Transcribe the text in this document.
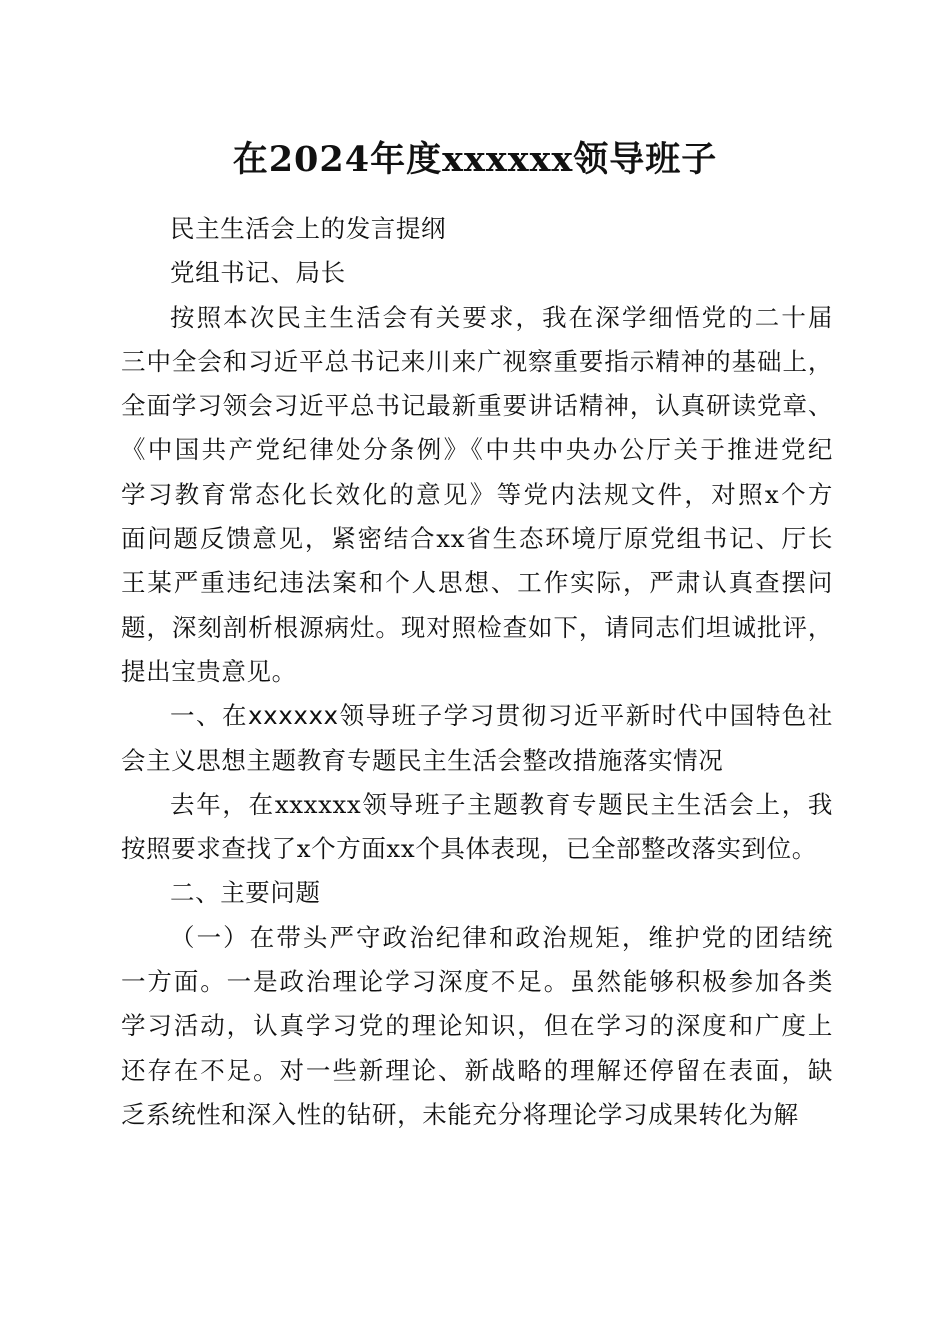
在2024年度xxxxxx领导班子
民主生活会上的发言提纲
党组书记、局长
按照本次民主生活会有关要求，我在深学细悟党的二十届
三中全会和习近平总书记来川来广视察重要指示精神的基础上，
全面学习领会习近平总书记最新重要讲话精神，认真研读党章、
《中国共产党纪律处分条例》《中共中央办公厅关于推进党纪
学习教育常态化长效化的意见》等党内法规文件，对照x个方
面问题反馈意见，紧密结合xx省生态环境厅原党组书记、厅长
王某严重违纪违法案和个人思想、工作实际，严肃认真查摆问
题，深刻剖析根源病灶。现对照检查如下，请同志们坦诚批评，
提出宝贵意见。
一、在xxxxxx领导班子学习贯彻习近平新时代中国特色社
会主义思想主题教育专题民主生活会整改措施落实情况
去年，在xxxxxx领导班子主题教育专题民主生活会上，我
按照要求查找了x个方面xx个具体表现，已全部整改落实到位。
二、主要问题
（一）在带头严守政治纪律和政治规矩，维护党的团结统
一方面。一是政治理论学习深度不足。虽然能够积极参加各类
学习活动，认真学习党的理论知识，但在学习的深度和广度上
还存在不足。对一些新理论、新战略的理解还停留在表面，缺
乏系统性和深入性的钻研，未能充分将理论学习成果转化为解
